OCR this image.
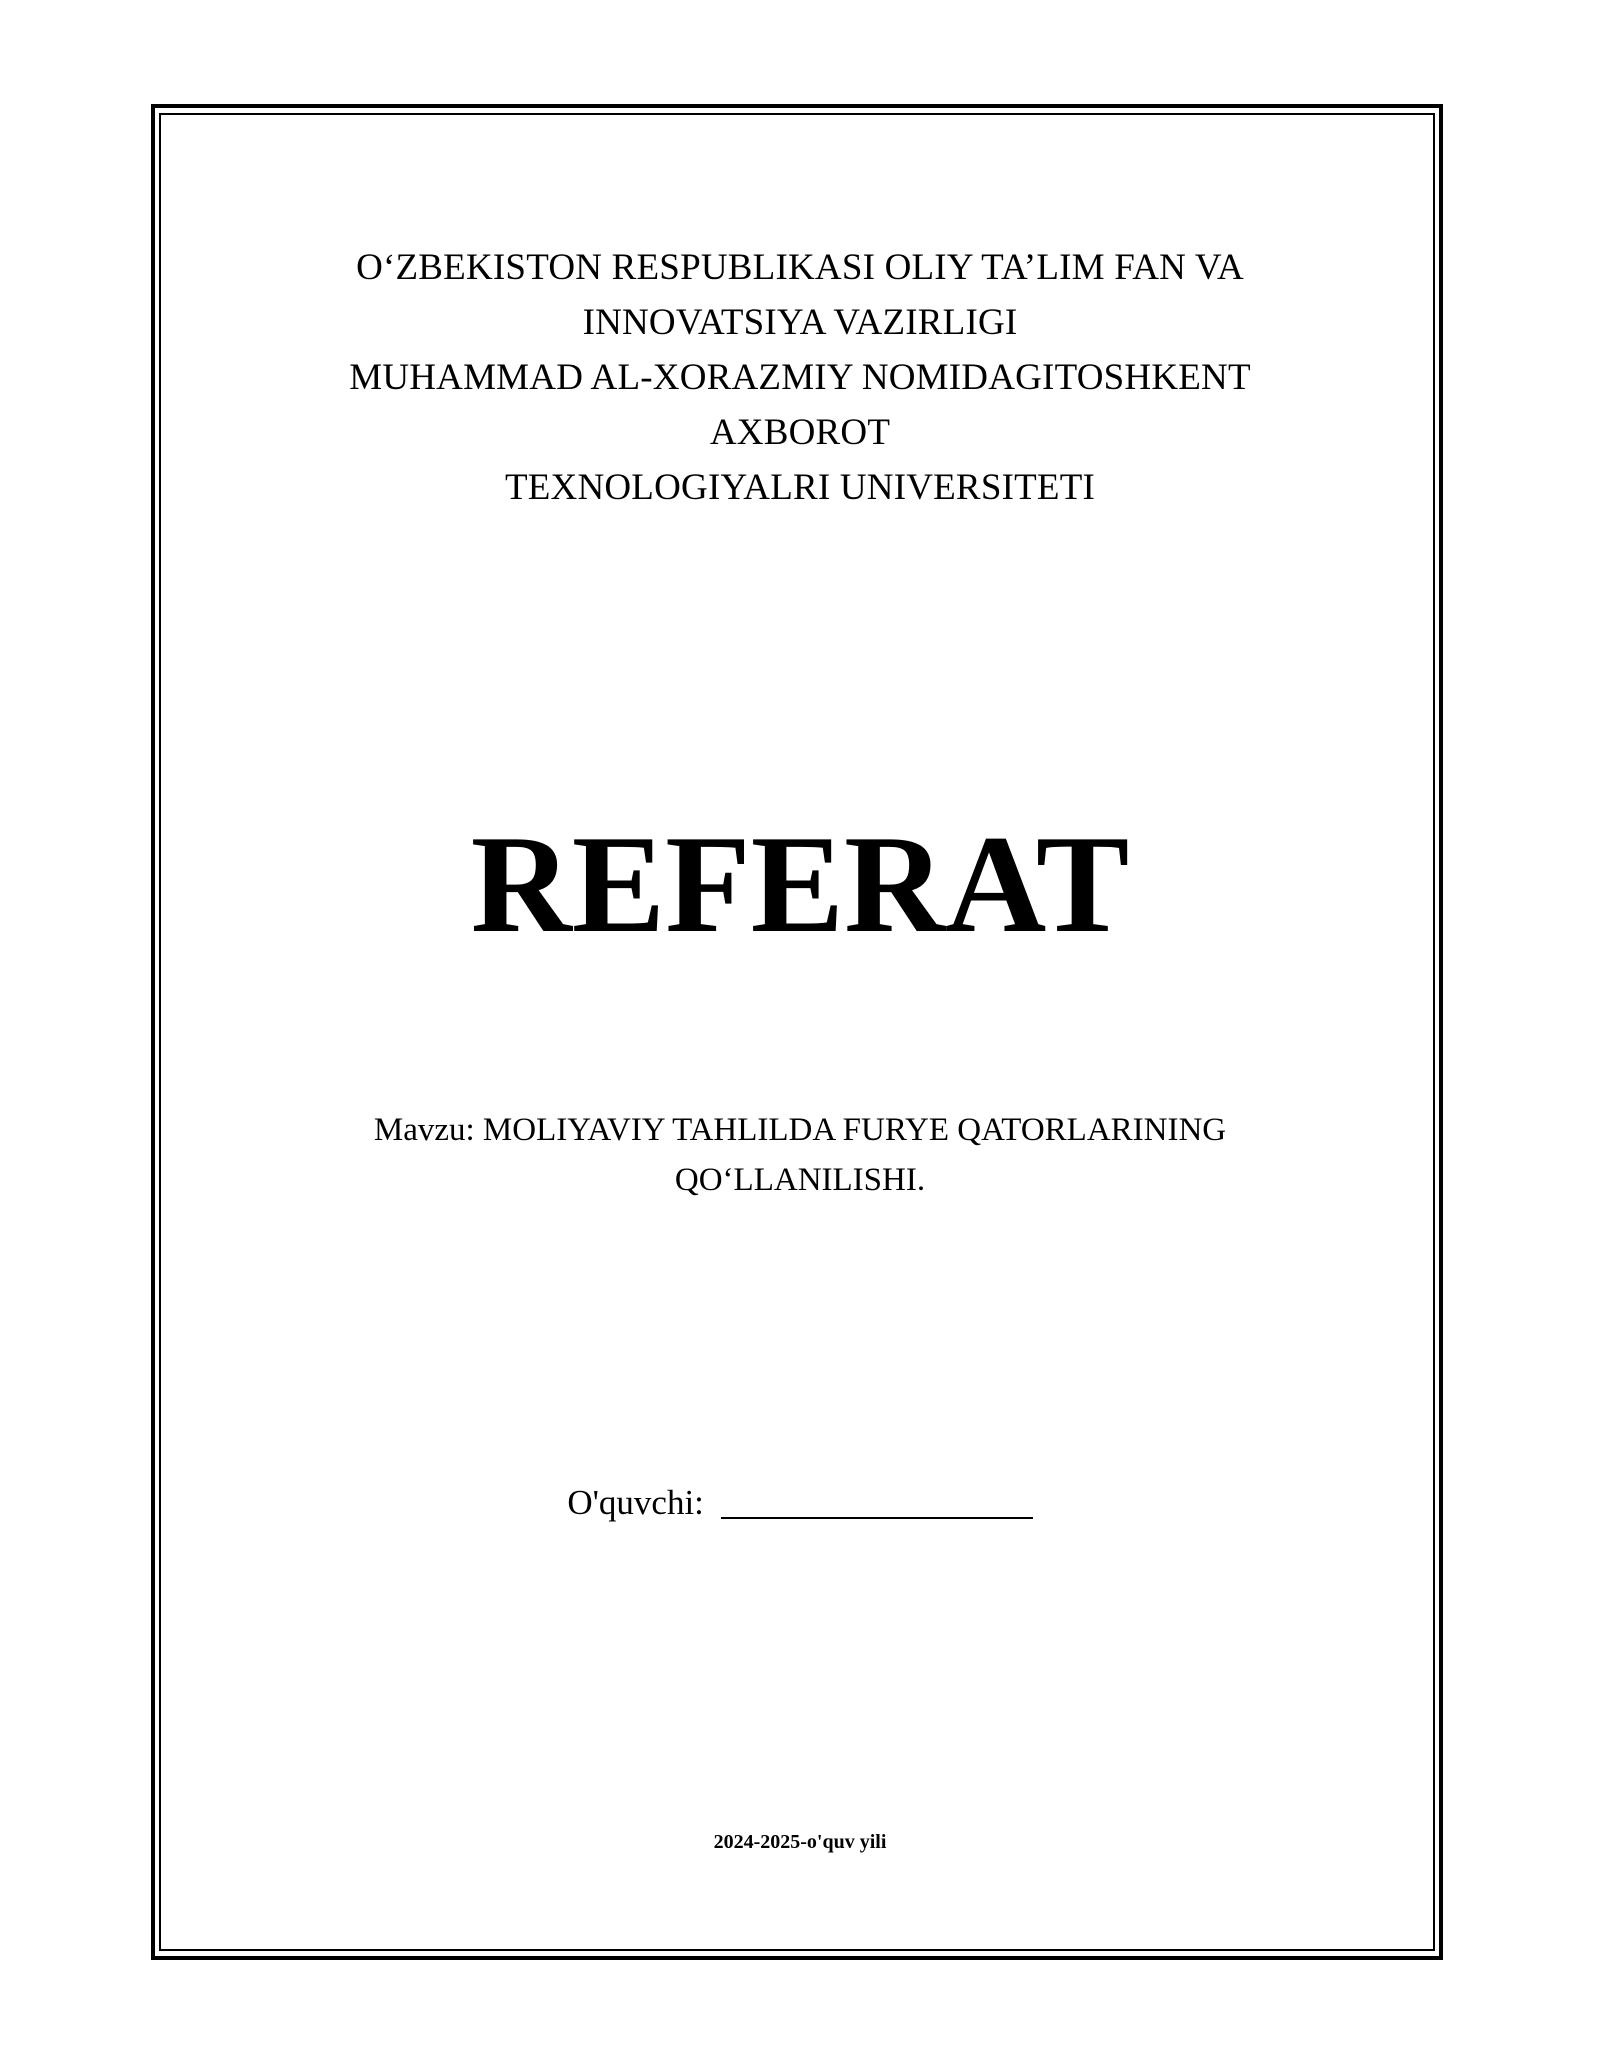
O‘ZBEKISTON RESPUBLIKASI OLIY TA’LIM FAN VA
INNOVATSIYA VAZIRLIGI
MUHAMMAD AL-XORAZMIY NOMIDAGITOSHKENT
AXBOROT
TEXNOLOGIYALRI UNIVERSITETI
REFERAT
Mavzu: MOLIYAVIY TAHLILDA FURYE QATORLARINING
QO‘LLANILISHI.
O'quvchi:
2024-2025-o'quv yili
